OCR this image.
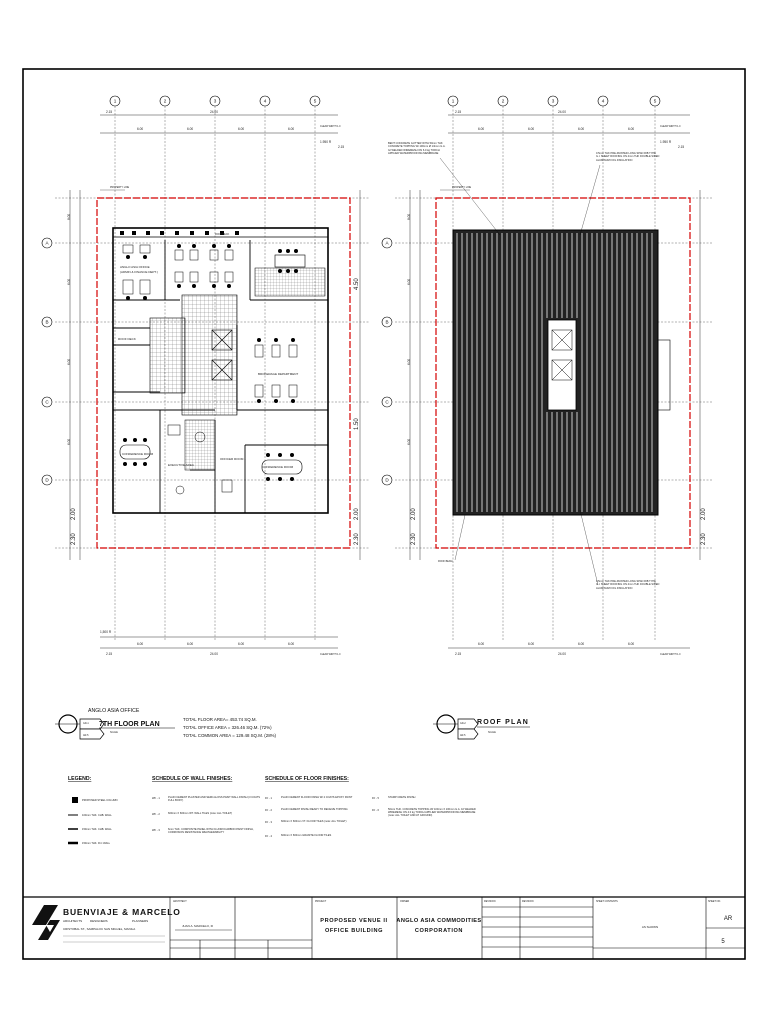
2.15	24.00
6.00	6.00	6.00	6.00
CLEAR WIDTH 1.0
1.950 R
2.15
1	2	3	4	5
PROPERTY LINE
8.00
6.00
6.00
6.00
2.00
2.30
4.50
1.50
2.00
2.30
ROOF DECK
ANGLO ASIA OFFICE
(ADMIN & FINANCE DEPT.)
CONFERENCE ROOM
EXECUTIVE AREA	CONFERENCE ROOM
BROKERAGE DEPARTMENT
OFFICER ROOM 1
ROOF DECK
6.00	6.00	6.00	6.00
2.15	24.00	CLEAR WIDTH 1.0
1,500 R
2.15	24.00
6.00	6.00	6.00	6.00
CLEAR WIDTH 1.0
1.950 R
2.15
1	2	3	4	5
PROPERTY LINE
8.00
6.00
6.00
6.00
2.00
2.30
2.00
2.30
BENT CONCRETE GUTTER WITH 50mm THK CONCRETE TOPPING W/ 100mm Ø 1/2mm G.A. GI WELDED WIREMESH ON 6.0 kg TORCH APPLIED WATERPROOFING MEMBRANE	0.5mm THK PRE-PAINTED LONG SPAN RIB TYPE G.I. SHEET ROOFING ON 4mm THK DOUBLE SIDED ALUMINUM FOIL INSULATION
0.5mm THK PRE-PAINTED LONG SPAN RIB TYPE G.I. SHEET ROOFING ON 4mm THK DOUBLE SIDED ALUMINUM FOIL INSULATION
ROOF BEAM
6.00	6.00	6.00	6.00
2.15	24.00	CLEAR WIDTH 1.0
A
B
C
D
A
B
C
D
GD-1
AR-5
ANGLO ASIA OFFICE
7TH FLOOR PLAN
SCALE
TOTAL FLOOR AREA= 453.74 SQ.M.
TOTAL OFFICE AREA = 326.46 SQ.M. (72%)
TOTAL COMMON AREA = 129.48 SQ.M. (28%)
GD-2
AR-5
ROOF PLAN
SCALE
LEGEND:
PROPOSED STEEL COLUMN
100mm THK. CHB. WALL
150mm THK. CHB. WALL
150mm THK. R.C WALL
SCHEDULE OF WALL FINISHES:
WF - 1	PLAIN CEMENT PLASTER AND SEMI-GLOSS PAINT WALL FINISH (3 COATS FULL BODY)
WF - 2	600mm X 600mm WT. WALL TILES (note: ALL TOILET)
WF - 3	6mm THK. COMPOSITE PANEL WITH FLUOROCARBON PAINT FINISH, CORROSION RESISTANCE WEATHERABILITY
SCHEDULE OF FLOOR FINISHES:
FF - 1	PLAIN CEMENT FLOOR FINISH W/ 2 COATS EPOXY PAINT
FF - 2	PLAIN CEMENT FINISH READY TO RECEIVE TOPPING
FF - 3	600mm X 600mm VT. FLOOR TILES (note: ALL TOILET)
FF - 4	600mm X 600mm GRANITE FLOOR TILES
FF - 5	STAMP CRETE FINISH
FF - 6	50mm THK. CONCRETE TOPPING W/ 100mm X 100mm G.A. 10 WELDED WIREMESH ON 4.0 kg TORCH APPLIED WATERPROOFING MEMBRANE (note: ALL TOILET AND AT GROUND)
BUENVIAJE & MARCELO
ARCHITECTS	DESIGNERS	PLANNERS
CRISTOBAL ST., SAMPALOC SAN MIGUEL, MANILA
ARCHITECT
JUAN A. MARCELO, III
PROJECT
PROPOSED VENUE II
OFFICE BUILDING
OWNER
ANGLO ASIA COMMODITIES
CORPORATION
REVISION	REVISION	SHEET CONTENTS
AS SHOWN
SHEET NO.
AR
5
